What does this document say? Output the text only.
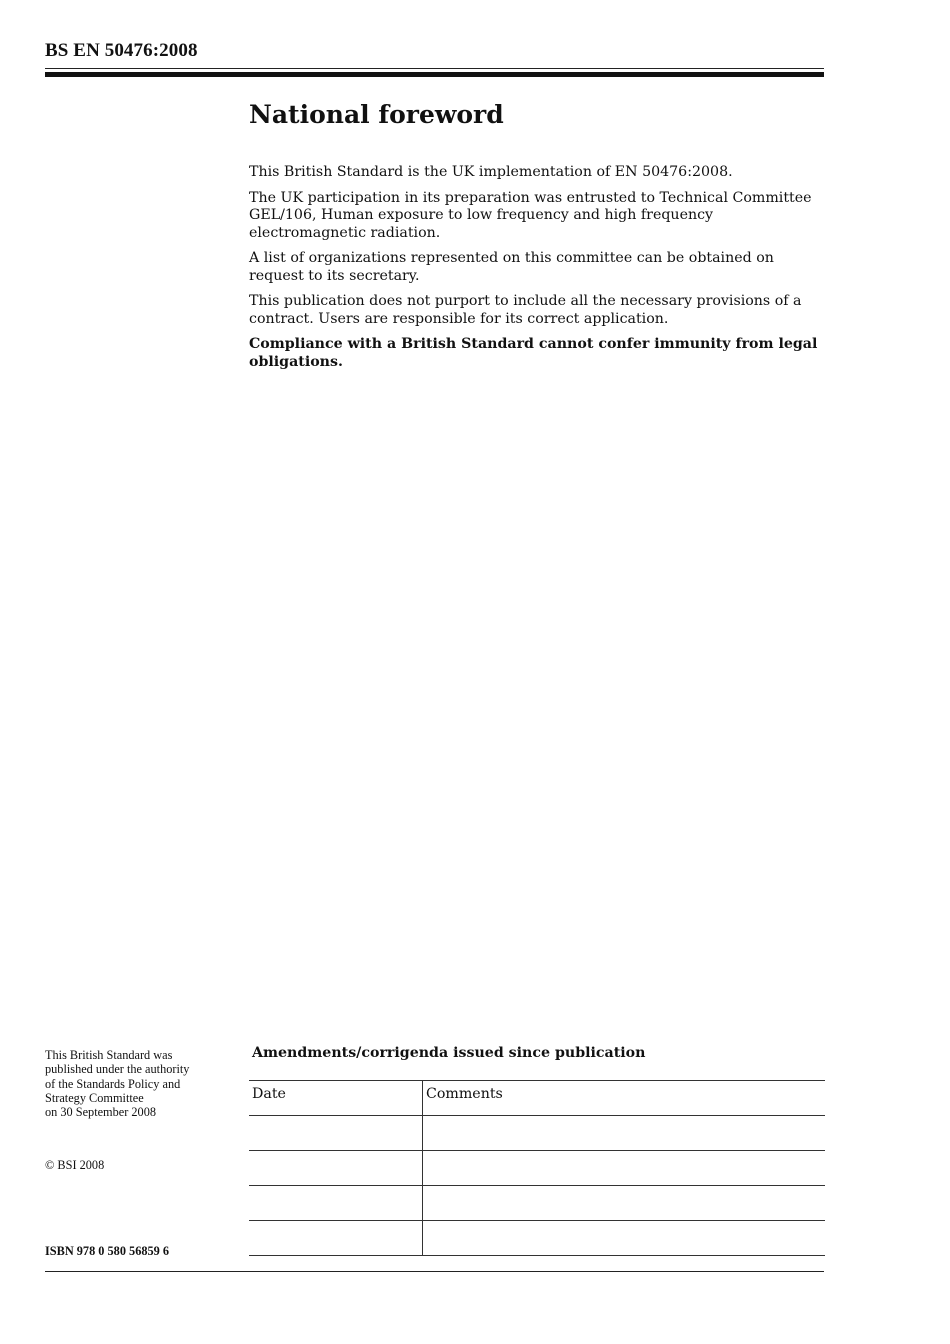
BS EN 50476:2008
National foreword

This British Standard is the UK implementation of EN 50476:2008.

The UK participation in its preparation was entrusted to Technical Committee GEL/106, Human exposure to low frequency and high frequency electromagnetic radiation.

A list of organizations represented on this committee can be obtained on request to its secretary.

This publication does not purport to include all the necessary provisions of a contract. Users are responsible for its correct application.

Compliance with a British Standard cannot confer immunity from legal obligations.

This British Standard was
published under the authority
of the Standards Policy and
Strategy Committee
on 30 September 2008
© BSI 2008
ISBN 978 0 580 56859 6
Amendments/corrigenda issued since publication
Date	Comments
